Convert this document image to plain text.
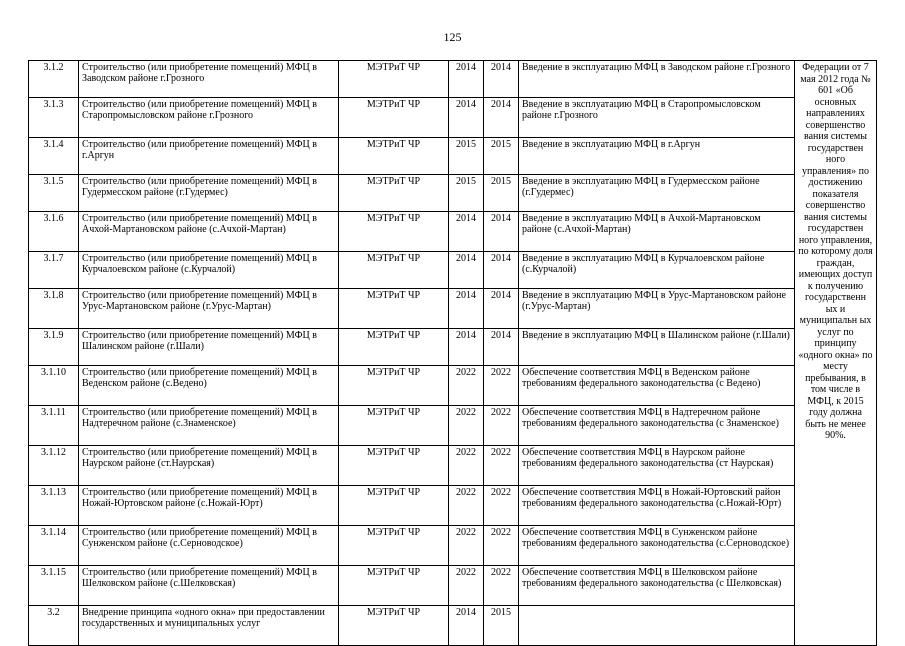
125
3.1.2	Строительство (или приобретение помещений) МФЦ в Заводском районе г.Грозного	МЭТРиТ ЧР	2014	2014	Введение в эксплуатацию МФЦ в Заводском районе г.Грозного	Федерации от 7 мая 2012 года № 601 «Об основных направлениях совершенство вания системы государствен ного управления» по достижению показателя совершенство вания системы государствен ного управления, по которому доля граждан, имеющих доступ к получению государственн ых и муниципальн ых услуг по принципу «одного окна» по месту пребывания, в том числе в МФЦ, к 2015 году должна быть не менее 90%.
3.1.3	Строительство (или приобретение помещений) МФЦ в Старопромысловском районе г.Грозного	МЭТРиТ ЧР	2014	2014	Введение в эксплуатацию МФЦ в Старопромысловском районе г.Грозного	
3.1.4	Строительство (или приобретение помещений) МФЦ в г.Аргун	МЭТРиТ ЧР	2015	2015	Введение в эксплуатацию МФЦ в г.Аргун	
3.1.5	Строительство (или приобретение помещений) МФЦ в Гудермесском районе (г.Гудермес)	МЭТРиТ ЧР	2015	2015	Введение в эксплуатацию МФЦ в Гудермесском районе (г.Гудермес)	
3.1.6	Строительство (или приобретение помещений) МФЦ в Ачхой-Мартановском районе (с.Ачхой-Мартан)	МЭТРиТ ЧР	2014	2014	Введение в эксплуатацию МФЦ в Ачхой-Мартановском районе (с.Ачхой-Мартан)	
3.1.7	Строительство (или приобретение помещений) МФЦ в Курчалоевском районе (с.Курчалой)	МЭТРиТ ЧР	2014	2014	Введение в эксплуатацию МФЦ в Курчалоевском районе (с.Курчалой)	
3.1.8	Строительство (или приобретение помещений) МФЦ в Урус-Мартановском районе (г.Урус-Мартан)	МЭТРиТ ЧР	2014	2014	Введение в эксплуатацию МФЦ в Урус-Мартановском районе (г.Урус-Мартан)	
3.1.9	Строительство (или приобретение помещений) МФЦ в Шалинском районе (г.Шали)	МЭТРиТ ЧР	2014	2014	Введение в эксплуатацию МФЦ в Шалинском районе (г.Шали)	
3.1.10	Строительство (или приобретение помещений) МФЦ в Веденском районе (с.Ведено)	МЭТРиТ ЧР	2022	2022	Обеспечение соответствия МФЦ в Веденском районе требованиям федерального законодательства (с Ведено)	
3.1.11	Строительство (или приобретение помещений) МФЦ в Надтеречном районе (с.Знаменское)	МЭТРиТ ЧР	2022	2022	Обеспечение соответствия МФЦ в Надтеречном районе требованиям федерального законодательства (с Знаменское)	
3.1.12	Строительство (или приобретение помещений) МФЦ в Наурском районе (ст.Наурская)	МЭТРиТ ЧР	2022	2022	Обеспечение соответствия МФЦ в Наурском районе требованиям федерального законодательства (ст Наурская)	
3.1.13	Строительство (или приобретение помещений) МФЦ в Ножай-Юртовском районе (с.Ножай-Юрт)	МЭТРиТ ЧР	2022	2022	Обеспечение соответствия МФЦ в Ножай-Юртовский район требованиям федерального законодательства (с.Ножай-Юрт)	
3.1.14	Строительство (или приобретение помещений) МФЦ в Сунженском районе (с.Серноводское)	МЭТРиТ ЧР	2022	2022	Обеспечение соответствия МФЦ в Сунженском районе требованиям федерального законодательства (с.Серноводское)	
3.1.15	Строительство (или приобретение помещений) МФЦ в Шелковском районе (с.Шелковская)	МЭТРиТ ЧР	2022	2022	Обеспечение соответствия МФЦ в Шелковском районе требованиям федерального законодательства (с Шелковская)	
3.2	Внедрение принципа «одного окна» при предоставлении государственных и муниципальных услуг	МЭТРиТ ЧР	2014	2015		
